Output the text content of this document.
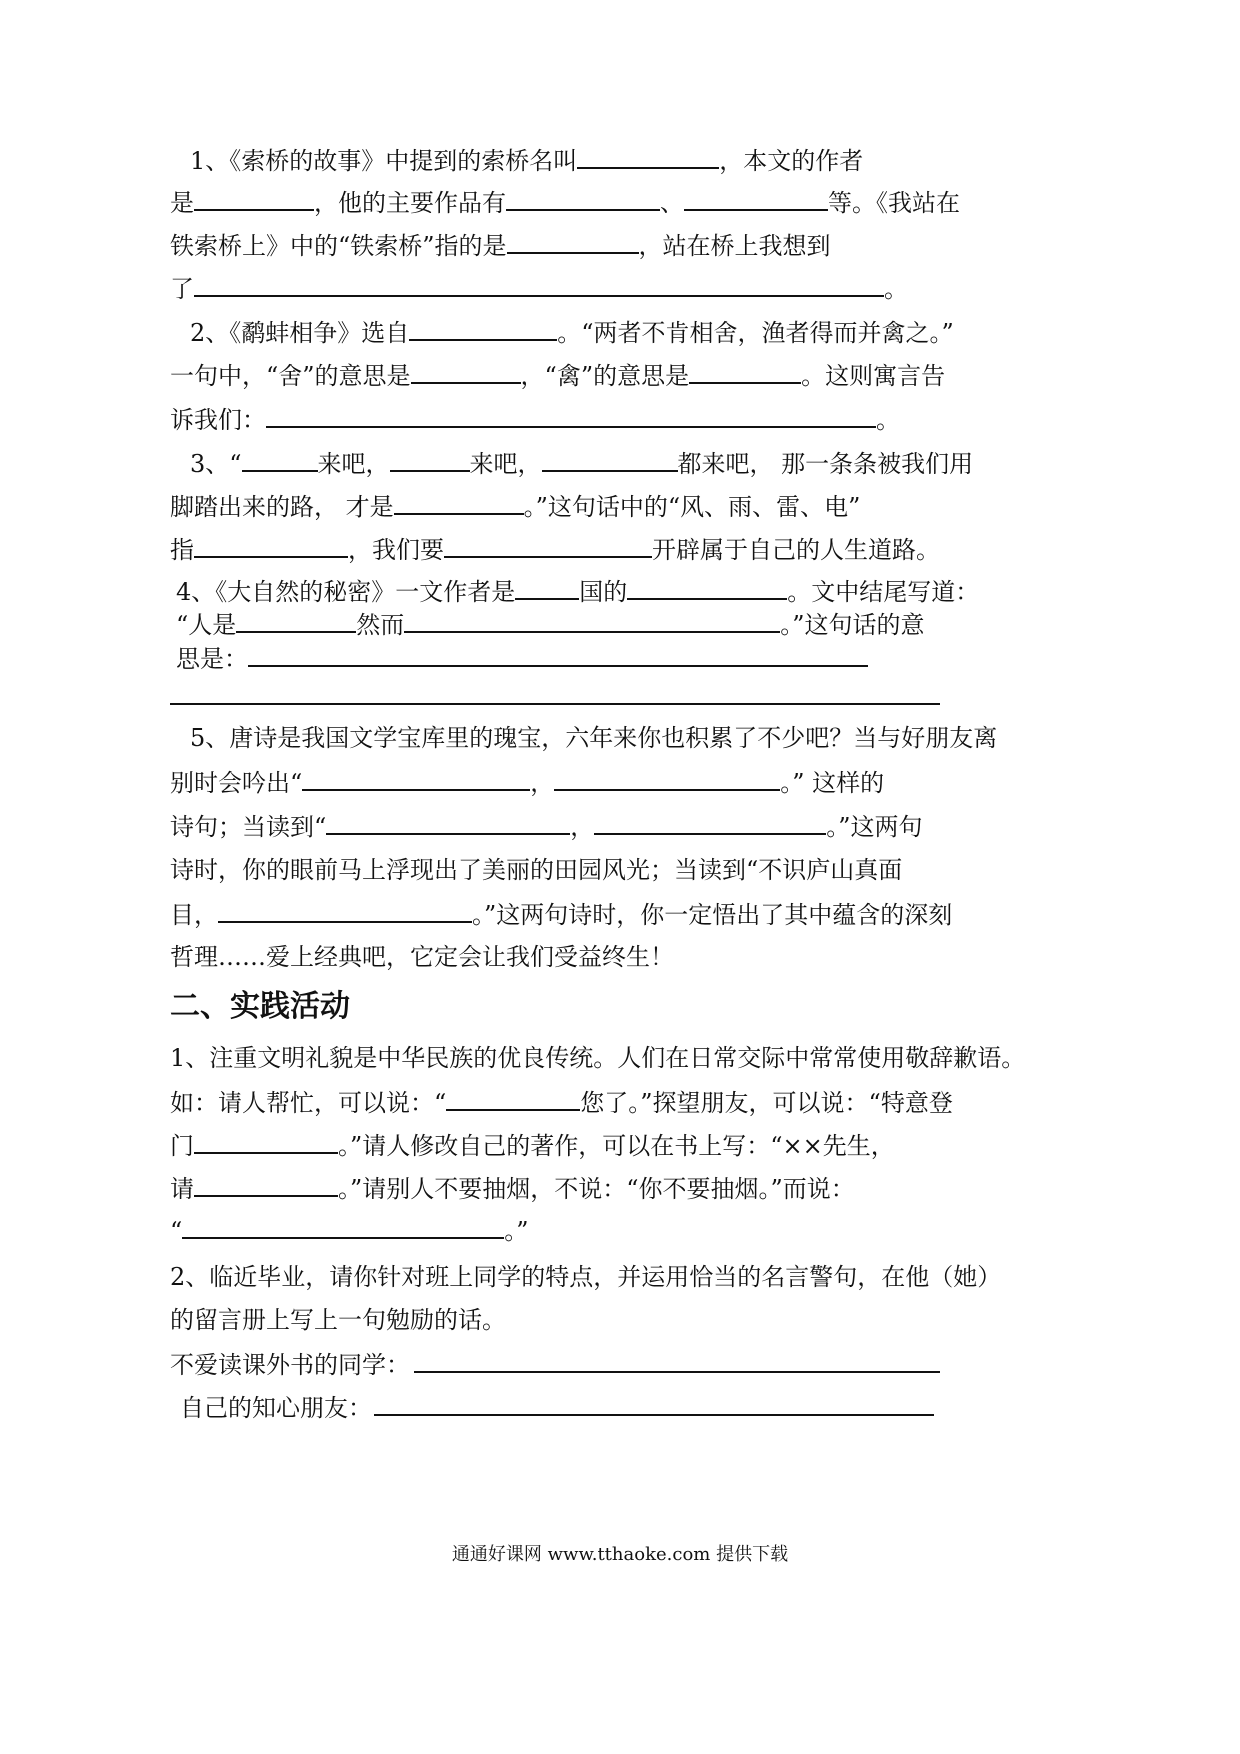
1、《索桥的故事》中提到的索桥名叫	，本文的作者
是	，他的主要作品有	、	等。《我站在
铁索桥上》中的“铁索桥”指的是	，站在桥上我想到
了	。
2、《鹬蚌相争》选自	。“两者不肯相舍，渔者得而并禽之。”
一句中，“舍”的意思是	，“禽”的意思是	。这则寓言告
诉我们：	。
3、“	来吧，	来吧，	都来吧， 那一条条被我们用
脚踏出来的路， 才是	。”这句话中的“风、雨、雷、电”
指	，我们要	开辟属于自己的人生道路。
4、《大自然的秘密》一文作者是	国的	。文中结尾写道：
“人是	然而	。”这句话的意
思是：
5、唐诗是我国文学宝库里的瑰宝，六年来你也积累了不少吧？当与好朋友离
别时会吟出“	，	。” 这样的
诗句；当读到“	，	。”这两句
诗时，你的眼前马上浮现出了美丽的田园风光；当读到“不识庐山真面
目，	。”这两句诗时，你一定悟出了其中蕴含的深刻
哲理……爱上经典吧，它定会让我们受益终生！
二、实践活动
1、注重文明礼貌是中华民族的优良传统。人们在日常交际中常常使用敬辞歉语。
如：请人帮忙，可以说：“	您了。”探望朋友，可以说：“特意登
门	。”请人修改自己的著作，可以在书上写：“××先生，
请	。”请别人不要抽烟，不说：“你不要抽烟。”而说：
“	。”
2、临近毕业，请你针对班上同学的特点，并运用恰当的名言警句，在他（她）
的留言册上写上一句勉励的话。
不爱读课外书的同学：
自己的知心朋友：
通通好课网 www.tthaoke.com 提供下载
